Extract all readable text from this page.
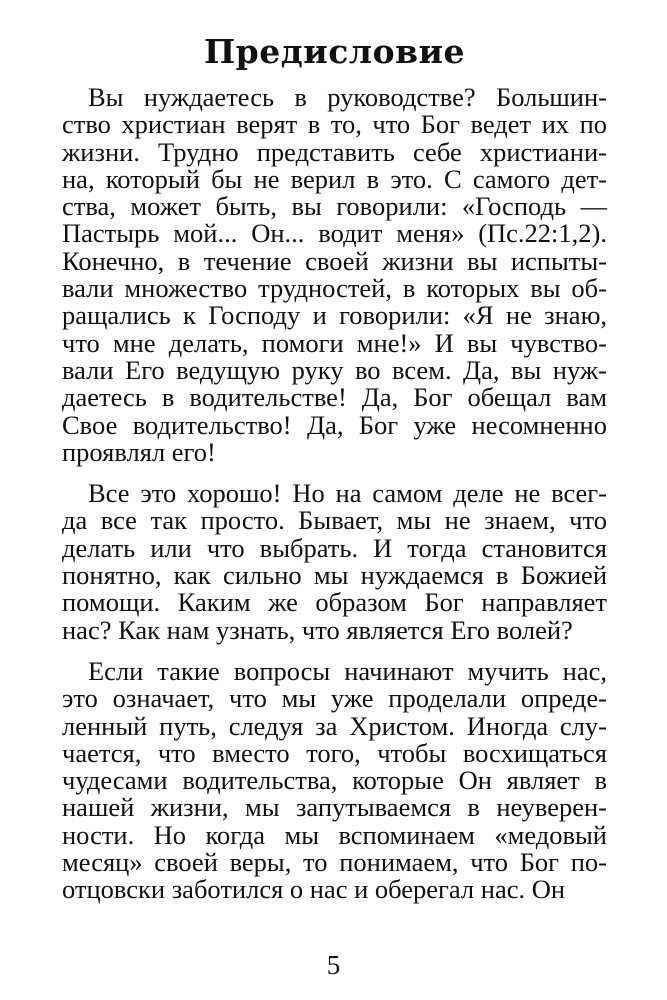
Предисловие
Вы нуждаетесь в руководстве? Большин-
ство христиан верят в то, что Бог ведет их по
жизни. Трудно представить себе христиани-
на, который бы не верил в это. С самого дет-
ства, может быть, вы говорили: «Господь —
Пастырь мой... Он... водит меня» (Пс.22:1,2).
Конечно, в течение своей жизни вы испыты-
вали множество трудностей, в которых вы об-
ращались к Господу и говорили: «Я не знаю,
что мне делать, помоги мне!» И вы чувство-
вали Его ведущую руку во всем. Да, вы нуж-
даетесь в водительстве! Да, Бог обещал вам
Свое водительство! Да, Бог уже несомненно
проявлял его!
Все это хорошо! Но на самом деле не всег-
да все так просто. Бывает, мы не знаем, что
делать или что выбрать. И тогда становится
понятно, как сильно мы нуждаемся в Божией
помощи. Каким же образом Бог направляет
нас? Как нам узнать, что является Его волей?
Если такие вопросы начинают мучить нас,
это означает, что мы уже проделали опреде-
ленный путь, следуя за Христом. Иногда слу-
чается, что вместо того, чтобы восхищаться
чудесами водительства, которые Он являет в
нашей жизни, мы запутываемся в неуверен-
ности. Но когда мы вспоминаем «медовый
месяц» своей веры, то понимаем, что Бог по-
отцовски заботился о нас и оберегал нас. Он
5
